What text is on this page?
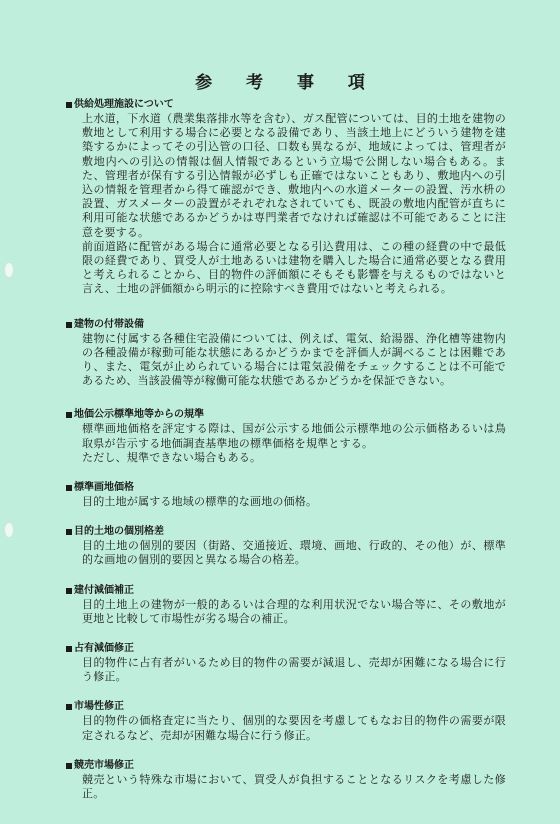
参 考 事 項

供給処理施設について

上水道，下水道（農業集落排水等を含む）、ガス配管については、目的土地を建物の敷地として利用する場合に必要となる設備であり、当該土地上にどういう建物を建築するかによってその引込管の口径、口数も異なるが、地域によっては、管理者が敷地内への引込の情報は個人情報であるという立場で公開しない場合もある。また、管理者が保有する引込情報が必ずしも正確ではないこともあり、敷地内への引込の情報を管理者から得て確認ができ、敷地内への水道メーターの設置、汚水枡の設置、ガスメーターの設置がそれぞれなされていても、既設の敷地内配管が直ちに利用可能な状態であるかどうかは専門業者でなければ確認は不可能であることに注意を要する。

前面道路に配管がある場合に通常必要となる引込費用は、この種の経費の中で最低限の経費であり、買受人が土地あるいは建物を購入した場合に通常必要となる費用と考えられることから、目的物件の評価額にそもそも影響を与えるものではないと言え、土地の評価額から明示的に控除すべき費用ではないと考えられる。

建物の付帯設備

建物に付属する各種住宅設備については、例えば、電気、給湯器、浄化槽等建物内の各種設備が稼動可能な状態にあるかどうかまでを評価人が調べることは困難であり、また、電気が止められている場合には電気設備をチェックすることは不可能であるため、当該設備等が稼働可能な状態であるかどうかを保証できない。

地価公示標準地等からの規準

標準画地価格を評定する際は、国が公示する地価公示標準地の公示価格あるいは鳥取県が告示する地価調査基準地の標準価格を規準とする。

ただし、規準できない場合もある。

標準画地価格

目的土地が属する地域の標準的な画地の価格。

目的土地の個別格差

目的土地の個別的要因（街路、交通接近、環境、画地、行政的、その他）が、標準的な画地の個別的要因と異なる場合の格差。

建付減価補正

目的土地上の建物が一般的あるいは合理的な利用状況でない場合等に、その敷地が更地と比較して市場性が劣る場合の補正。

占有減価修正

目的物件に占有者がいるため目的物件の需要が減退し、売却が困難になる場合に行う修正。

市場性修正

目的物件の価格査定に当たり、個別的な要因を考慮してもなお目的物件の需要が限定されるなど、売却が困難な場合に行う修正。

競売市場修正

競売という特殊な市場において、買受人が負担することとなるリスクを考慮した修正。
